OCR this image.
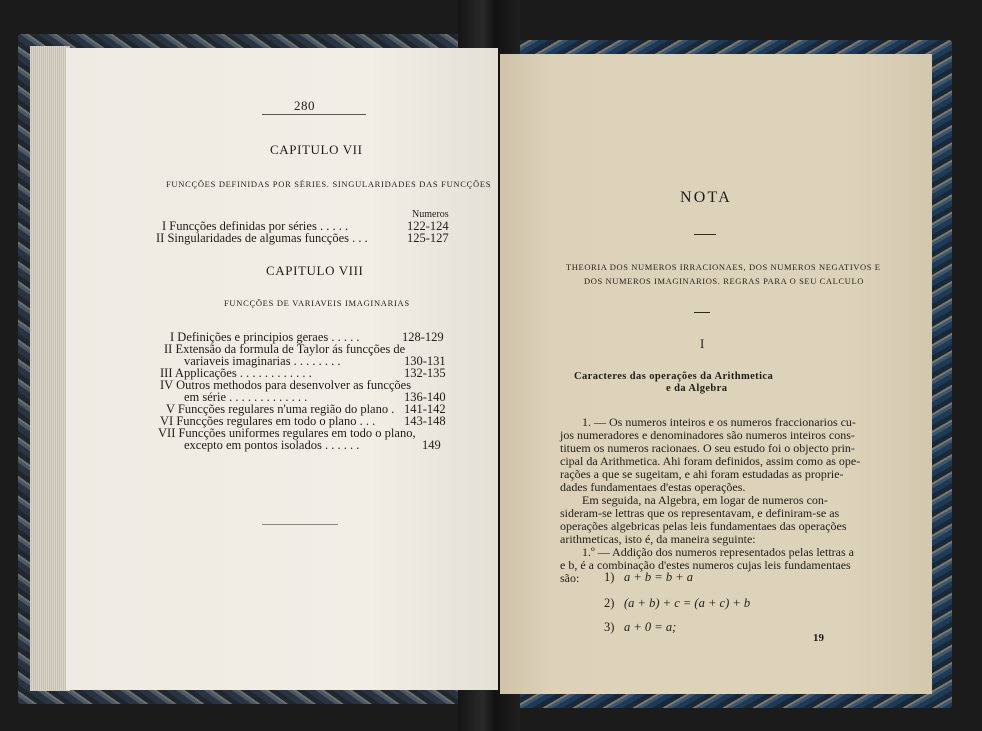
280
CAPITULO VII
FUNCÇÕES DEFINIDAS POR SÉRIES. SINGULARIDADES DAS FUNCÇÕES
Numeros
I Funcções definidas por séries . . . . .	122-124
II Singularidades de algumas funcções . . .	125-127
CAPITULO VIII
FUNCÇÕES DE VARIAVEIS IMAGINARIAS
I Definições e principios geraes . . . . .	128-129
II Extensão da formula de Taylor ás funcções de
variaveis imaginarias . . . . . . . .	130-131
III Applicações . . . . . . . . . . . .	132-135
IV Outros methodos para desenvolver as funcções
em série . . . . . . . . . . . . .	136-140
V Funcções regulares n'uma região do plano . 141-142
VI Funcções regulares em todo o plano . . . 143-148
VII Funcções uniformes regulares em todo o plano,
excepto em pontos isolados . . . . . .	149
NOTA
THEORIA DOS NUMEROS IRRACIONAES, DOS NUMEROS NEGATIVOS E
DOS NUMEROS IMAGINARIOS. REGRAS PARA O SEU CALCULO
I
Caracteres das operações da Arithmetica
e da Algebra
1. — Os numeros inteiros e os numeros fraccionarios cu-
jos numeradores e denominadores são numeros inteiros cons-
tituem os numeros racionaes. O seu estudo foi o objecto prin-
cipal da Arithmetica. Ahi foram definidos, assim como as ope-
rações a que se sugeitam, e ahi foram estudadas as proprie-
dades fundamentaes d'estas operações.
Em seguida, na Algebra, em logar de numeros con-
sideram-se lettras que os representavam, e definiram-se as
operações algebricas pelas leis fundamentaes das operações
arithmeticas, isto é, da maneira seguinte:
1.º — Addição dos numeros representados pelas lettras a
e b, é a combinação d'estes numeros cujas leis fundamentaes
são: 1) a + b = b + a
2) (a + b) + c = (a + c) + b
3) a + 0 = a;
19
